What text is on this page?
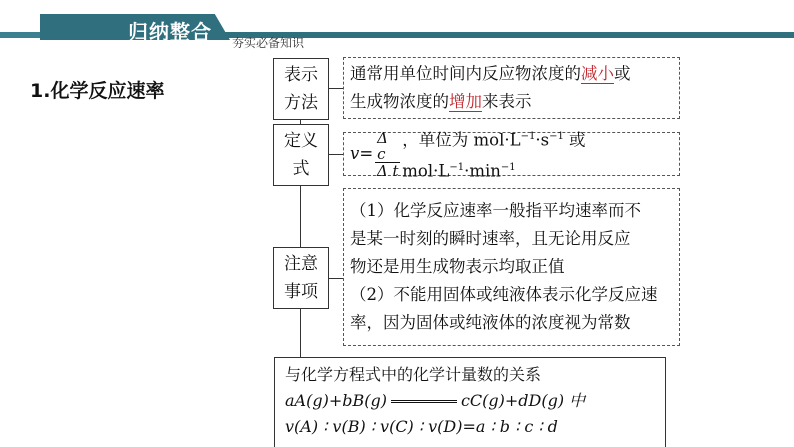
归纳整合 夯实必备知识
1.化学反应速率
表示
方法
通常用单位时间内反应物浓度的减小或
生成物浓度的增加来表示
定义
式
$v = \frac{\text{Δ c}}{\text{Δ t}}$ ，单位为 $mol\cdot L^{-1}\cdot s^{-1}$ 或 $mol\cdot L^{-1}\cdot\min^{-1}$
注意
事项
（1）化学反应速率一般指平均速率而不
是某一时刻的瞬时速率，且无论用反应
物还是用生成物表示均取正值
（2）不能用固体或纯液体表示化学反应速
率，因为固体或纯液体的浓度视为常数
与化学方程式中的化学计量数的关系
aA(g)+bB(g)	cC(g)+dD(g) 中
v(A) ∶ v(B) ∶ v(C) ∶ v(D)=a ∶ b ∶ c ∶ d
